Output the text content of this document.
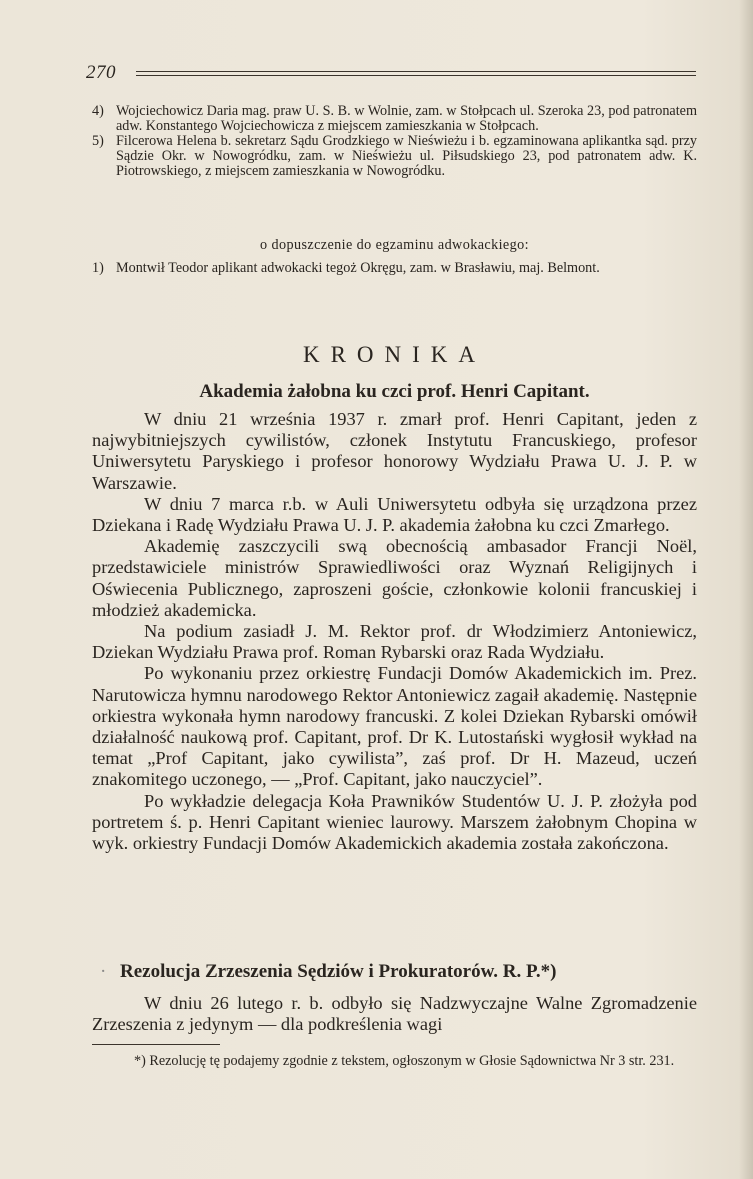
270
4) Wojciechowicz Daria mag. praw U. S. B. w Wolnie, zam. w Stołpcach ul. Szeroka 23, pod patronatem adw. Konstantego Wojciechowicza z miejscem zamieszkania w Stołpcach.

5) Filcerowa Helena b. sekretarz Sądu Grodzkiego w Nieświeżu i b. egzaminowana aplikantka sąd. przy Sądzie Okr. w Nowogródku, zam. w Nieświeżu ul. Piłsudskiego 23, pod patronatem adw. K. Piotrowskiego, z miejscem zamieszkania w Nowogródku.

o dopuszczenie do egzaminu adwokackiego:
1) Montwił Teodor aplikant adwokacki tegoż Okręgu, zam. w Brasławiu, maj. Belmont.

KRONIKA
Akademia żałobna ku czci prof. Henri Capitant.

W dniu 21 września 1937 r. zmarł prof. Henri Capitant, jeden z najwybitniejszych cywilistów, członek Instytutu Francuskiego, profesor Uniwersytetu Paryskiego i profesor honorowy Wydziału Prawa U. J. P. w Warszawie.

W dniu 7 marca r.b. w Auli Uniwersytetu odbyła się urządzona przez Dziekana i Radę Wydziału Prawa U. J. P. akademia żałobna ku czci Zmarłego.

Akademię zaszczycili swą obecnością ambasador Francji Noël, przedstawiciele ministrów Sprawiedliwości oraz Wyznań Religijnych i Oświecenia Publicznego, zaproszeni goście, członkowie kolonii francuskiej i młodzież akademicka.

Na podium zasiadł J. M. Rektor prof. dr Włodzimierz Antoniewicz, Dziekan Wydziału Prawa prof. Roman Rybarski oraz Rada Wydziału.

Po wykonaniu przez orkiestrę Fundacji Domów Akademickich im. Prez. Narutowicza hymnu narodowego Rektor Antoniewicz zagaił akademię. Następnie orkiestra wykonała hymn narodowy francuski. Z kolei Dziekan Rybarski omówił działalność naukową prof. Capitant, prof. Dr K. Lutostański wygłosił wykład na temat „Prof Capitant, jako cywilista”, zaś prof. Dr H. Mazeud, uczeń znakomitego uczonego, — „Prof. Capitant, jako nauczyciel”.

Po wykładzie delegacja Koła Prawników Studentów U. J. P. złożyła pod portretem ś. p. Henri Capitant wieniec laurowy. Marszem żałobnym Chopina w wyk. orkiestry Fundacji Domów Akademickich akademia została zakończona.

· Rezolucja Zrzeszenia Sędziów i Prokuratorów. R. P.*)

W dniu 26 lutego r. b. odbyło się Nadzwyczajne Walne Zgromadzenie Zrzeszenia z jedynym — dla podkreślenia wagi

*) Rezolucję tę podajemy zgodnie z tekstem, ogłoszonym w Głosie Sądownictwa Nr 3 str. 231.
